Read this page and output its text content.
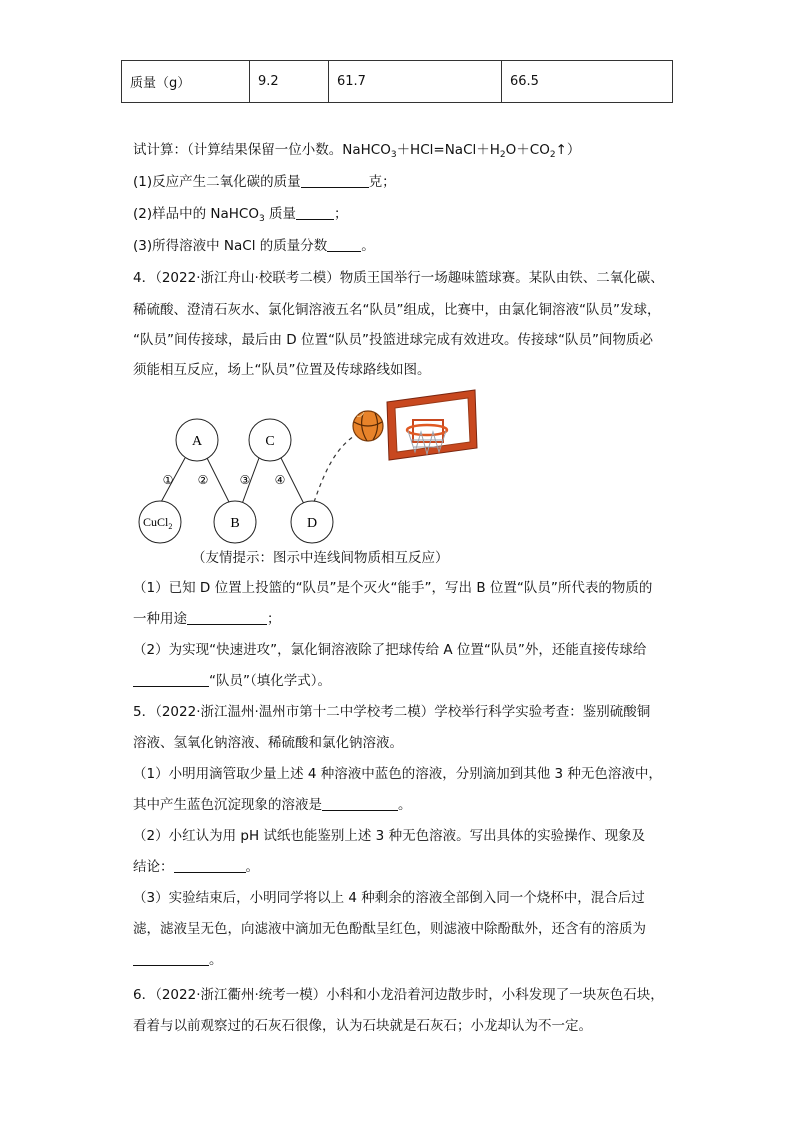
质量（g）	9.2	61.7	66.5
试计算：（计算结果保留一位小数。$NaHCO_3+HCl=NaCl+H_2O+CO_2↑$）
(1)反应产生二氧化碳的质量	克；
(2)样品中的 NaHCO$_3$ 质量	；
(3)所得溶液中 NaCl 的质量分数	。
4．（2022·浙江舟山·校联考二模）物质王国举行一场趣味篮球赛。某队由铁、二氧化碳、
稀硫酸、澄清石灰水、氯化铜溶液五名“队员”组成，比赛中，由氯化铜溶液“队员”发球，
“队员”间传接球，最后由 D 位置“队员”投篮进球完成有效进攻。传接球“队员”间物质必
须能相互反应，场上“队员”位置及传球路线如图。
A	C
CuCl$_2$	B	D
① ②	③ ④
（友情提示：图示中连线间物质相互反应）
（1）已知 D 位置上投篮的“队员”是个灭火“能手”，写出 B 位置“队员”所代表的物质的
一种用途	；
（2）为实现“快速进攻”，氯化铜溶液除了把球传给 A 位置“队员”外，还能直接传球给
“队员”（填化学式）。
5．（2022·浙江温州·温州市第十二中学校考二模）学校举行科学实验考查：鉴别硫酸铜
溶液、氢氧化钠溶液、稀硫酸和氯化钠溶液。
（1）小明用滴管取少量上述 4 种溶液中蓝色的溶液，分别滴加到其他 3 种无色溶液中，
其中产生蓝色沉淀现象的溶液是	。
（2）小红认为用 pH 试纸也能鉴别上述 3 种无色溶液。写出具体的实验操作、现象及
结论：	。
（3）实验结束后，小明同学将以上 4 种剩余的溶液全部倒入同一个烧杯中，混合后过
滤，滤液呈无色，向滤液中滴加无色酚酞呈红色，则滤液中除酚酞外，还含有的溶质为
。
6．（2022·浙江衢州·统考一模）小科和小龙沿着河边散步时，小科发现了一块灰色石块，
看着与以前观察过的石灰石很像，认为石块就是石灰石；小龙却认为不一定。
